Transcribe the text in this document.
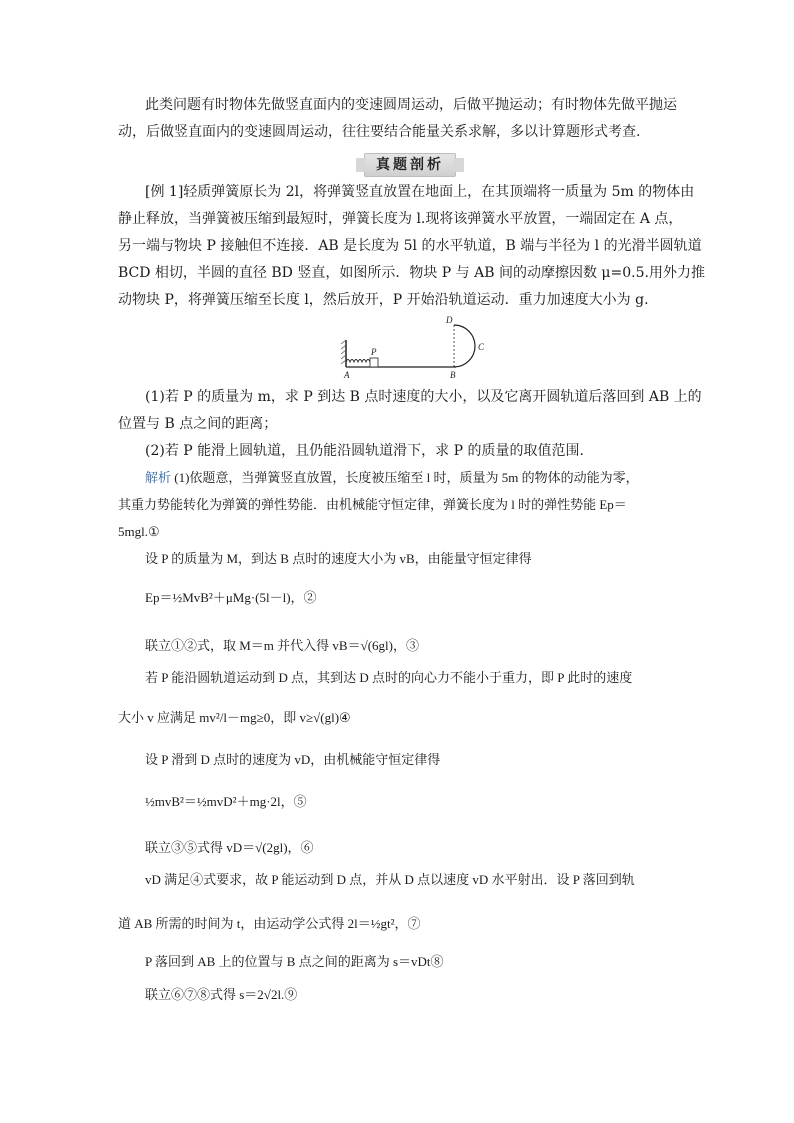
此类问题有时物体先做竖直面内的变速圆周运动，后做平抛运动；有时物体先做平抛运
动，后做竖直面内的变速圆周运动，往往要结合能量关系求解，多以计算题形式考查.
真题剖析
[例 1]轻质弹簧原长为 2l，将弹簧竖直放置在地面上，在其顶端将一质量为 5m 的物体由
静止释放，当弹簧被压缩到最短时，弹簧长度为 l.现将该弹簧水平放置，一端固定在 A 点，
另一端与物块 P 接触但不连接．AB 是长度为 5l 的水平轨道，B 端与半径为 l 的光滑半圆轨道
BCD 相切，半圆的直径 BD 竖直，如图所示．物块 P 与 AB 间的动摩擦因数 μ=0.5.用外力推
动物块 P，将弹簧压缩至长度 l，然后放开，P 开始沿轨道运动．重力加速度大小为 g.
D
C
P
A	B
(1)若 P 的质量为 m，求 P 到达 B 点时速度的大小，以及它离开圆轨道后落回到 AB 上的
位置与 B 点之间的距离；
(2)若 P 能滑上圆轨道，且仍能沿圆轨道滑下，求 P 的质量的取值范围.
解析 (1)依题意，当弹簧竖直放置，长度被压缩至 l 时，质量为 5m 的物体的动能为零，
其重力势能转化为弹簧的弹性势能．由机械能守恒定律，弹簧长度为 l 时的弹性势能 Ep＝
5mgl.①
设 P 的质量为 M，到达 B 点时的速度大小为 vB，由能量守恒定律得
Ep＝½MvB²＋μMg·(5l－l)，②
联立①②式，取 M＝m 并代入得 vB＝√(6gl)，③
若 P 能沿圆轨道运动到 D 点，其到达 D 点时的向心力不能小于重力，即 P 此时的速度
大小 v 应满足 mv²/l－mg≥0，即 v≥√(gl)④
设 P 滑到 D 点时的速度为 vD，由机械能守恒定律得
½mvB²＝½mvD²＋mg·2l，⑤
联立③⑤式得 vD＝√(2gl)，⑥
vD 满足④式要求，故 P 能运动到 D 点，并从 D 点以速度 vD 水平射出．设 P 落回到轨
道 AB 所需的时间为 t，由运动学公式得 2l＝½gt²，⑦
P 落回到 AB 上的位置与 B 点之间的距离为 s＝vDt⑧
联立⑥⑦⑧式得 s＝2√2l.⑨
